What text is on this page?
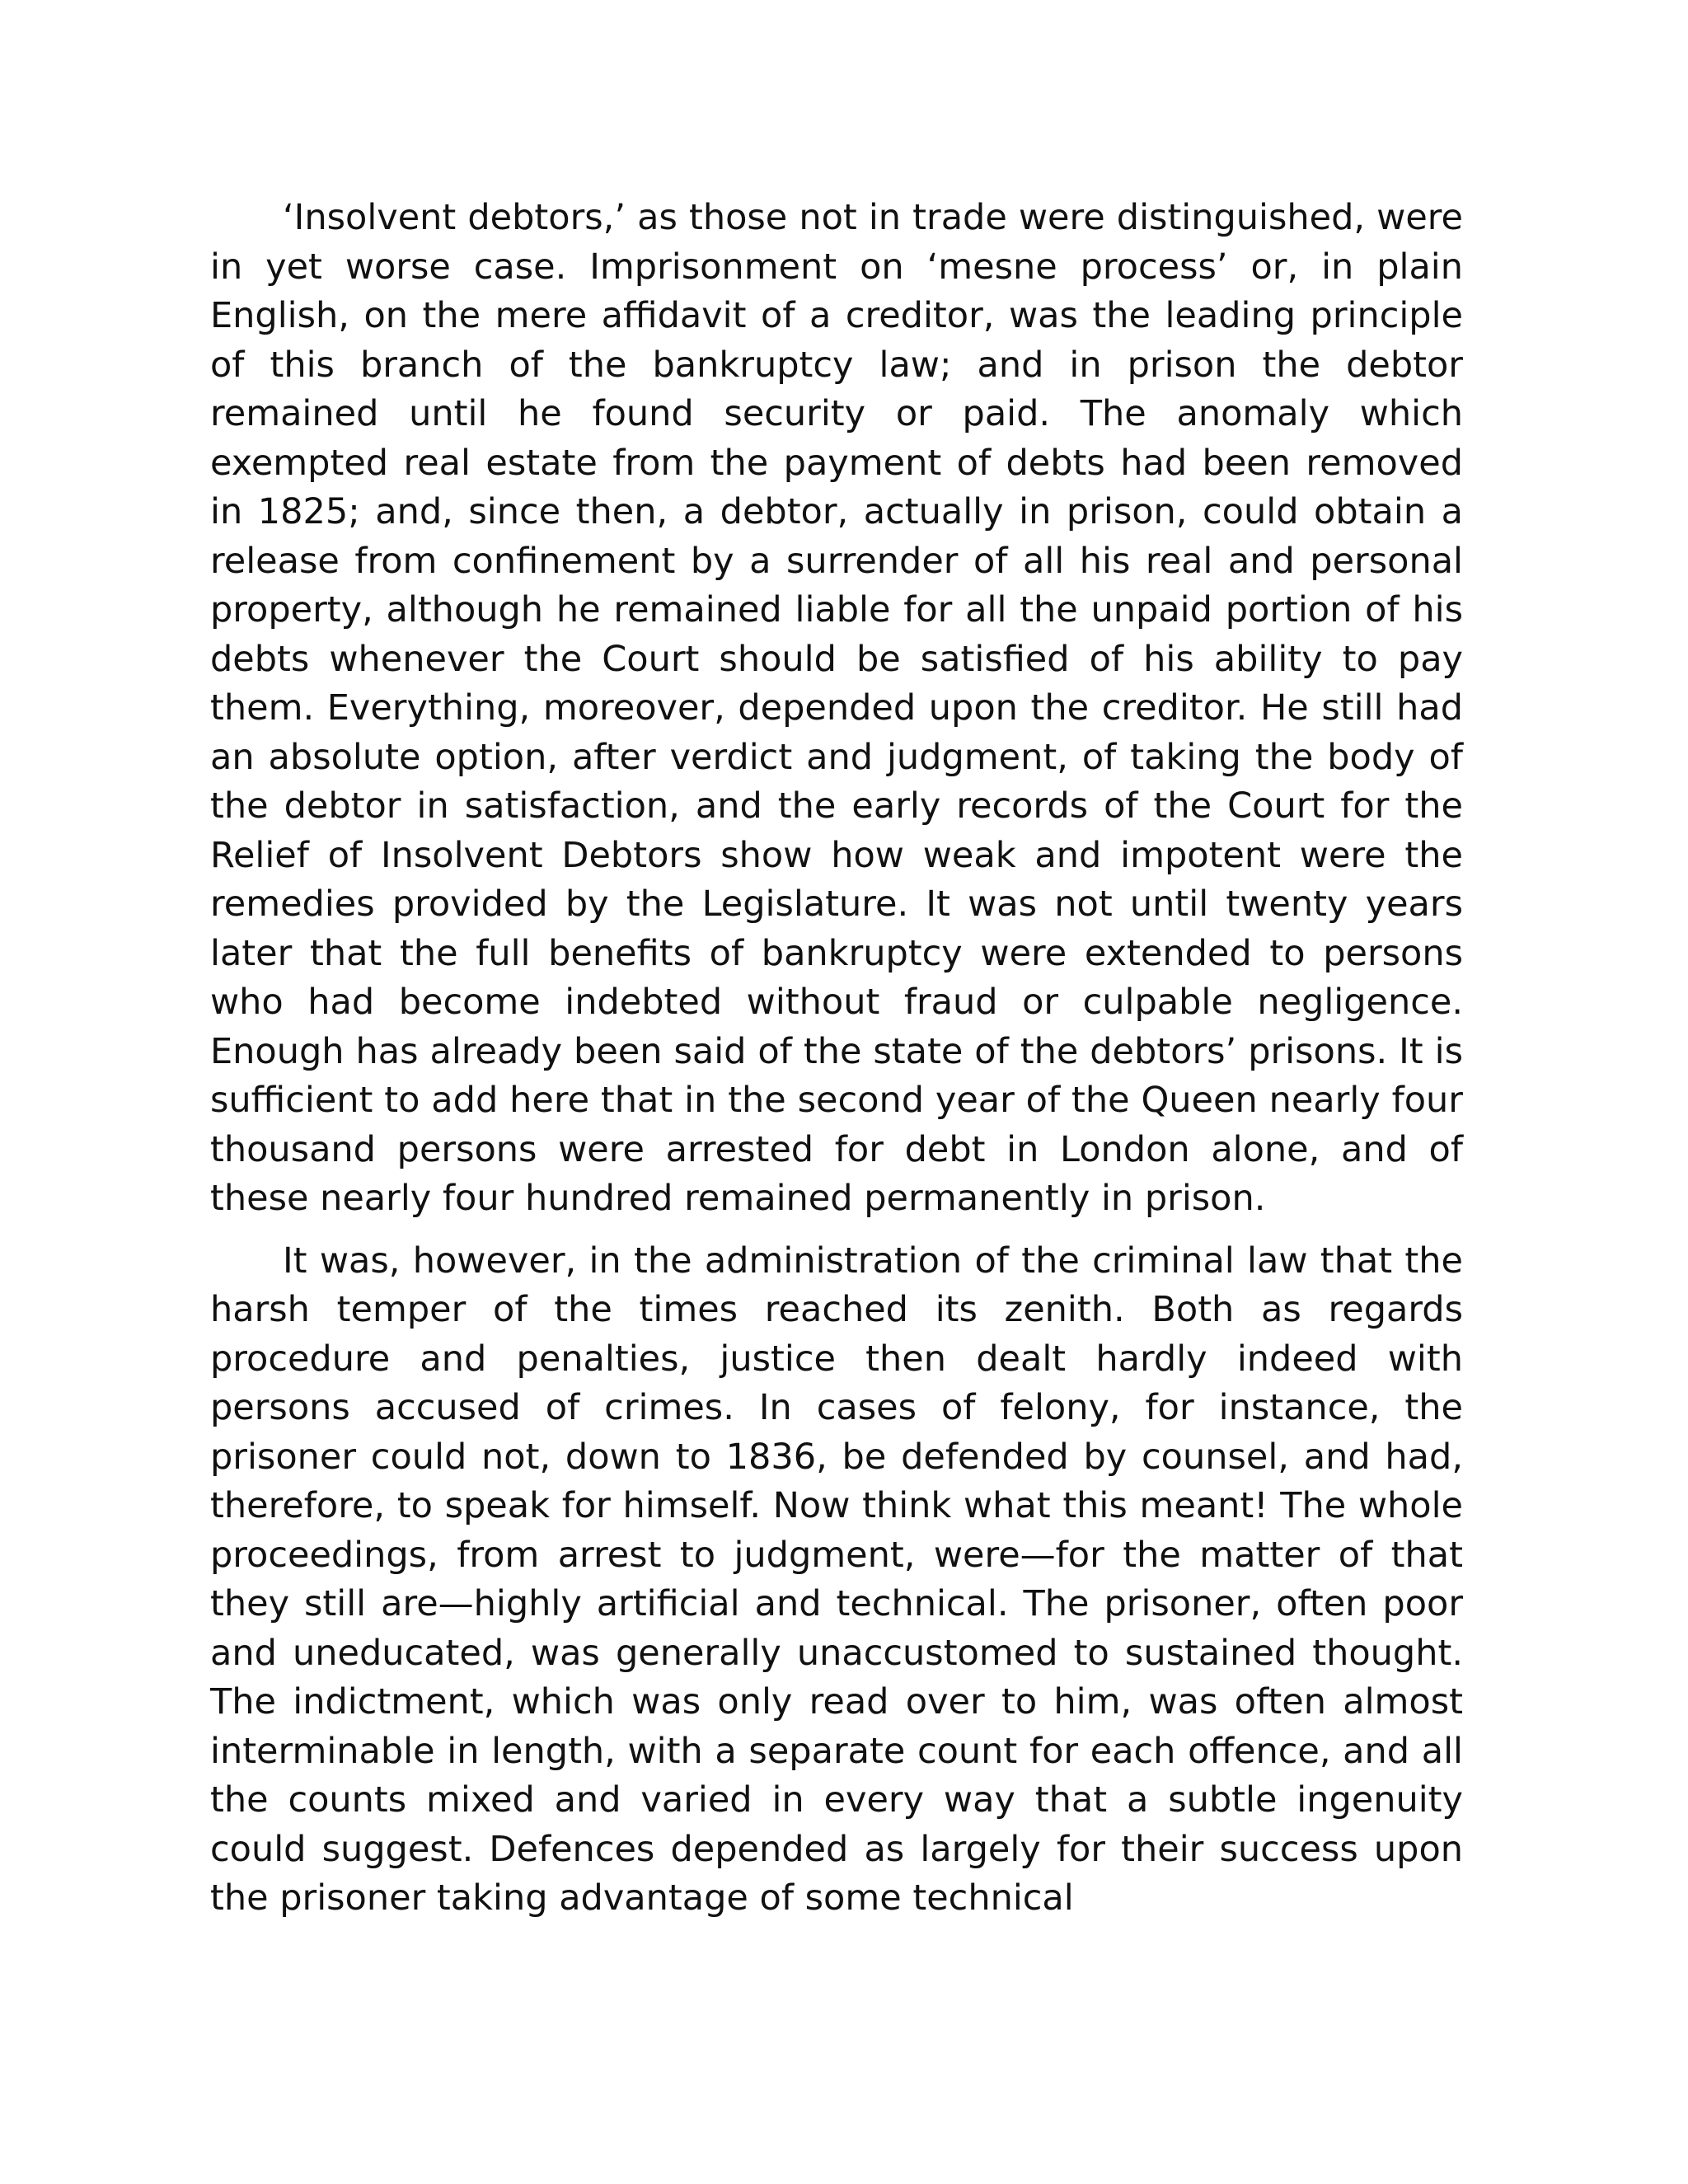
‘Insolvent debtors,’ as those not in trade were distinguished, were in yet worse case. Imprisonment on ‘mesne process’ or, in plain English, on the mere affidavit of a creditor, was the leading principle of this branch of the bankruptcy law; and in prison the debtor remained until he found security or paid. The anomaly which exempted real estate from the payment of debts had been removed in 1825; and, since then, a debtor, actually in prison, could obtain a release from confinement by a surrender of all his real and personal property, although he remained liable for all the unpaid portion of his debts whenever the Court should be satisfied of his ability to pay them. Everything, moreover, depended upon the creditor. He still had an absolute option, after verdict and judgment, of taking the body of the debtor in satisfaction, and the early records of the Court for the Relief of Insolvent Debtors show how weak and impotent were the remedies provided by the Legislature. It was not until twenty years later that the full benefits of bankruptcy were extended to persons who had become indebted without fraud or culpable negligence. Enough has already been said of the state of the debtors’ prisons. It is sufficient to add here that in the second year of the Queen nearly four thousand persons were arrested for debt in London alone, and of these nearly four hundred remained permanently in prison.

It was, however, in the administration of the criminal law that the harsh temper of the times reached its zenith. Both as regards procedure and penalties, justice then dealt hardly indeed with persons accused of crimes. In cases of felony, for instance, the prisoner could not, down to 1836, be defended by counsel, and had, therefore, to speak for himself. Now think what this meant! The whole proceedings, from arrest to judgment, were—for the matter of that they still are—highly artificial and technical. The prisoner, often poor and uneducated, was generally unaccustomed to sustained thought. The indictment, which was only read over to him, was often almost interminable in length, with a separate count for each offence, and all the counts mixed and varied in every way that a subtle ingenuity could suggest. Defences depended as largely for their success upon the prisoner taking advantage of some technical
